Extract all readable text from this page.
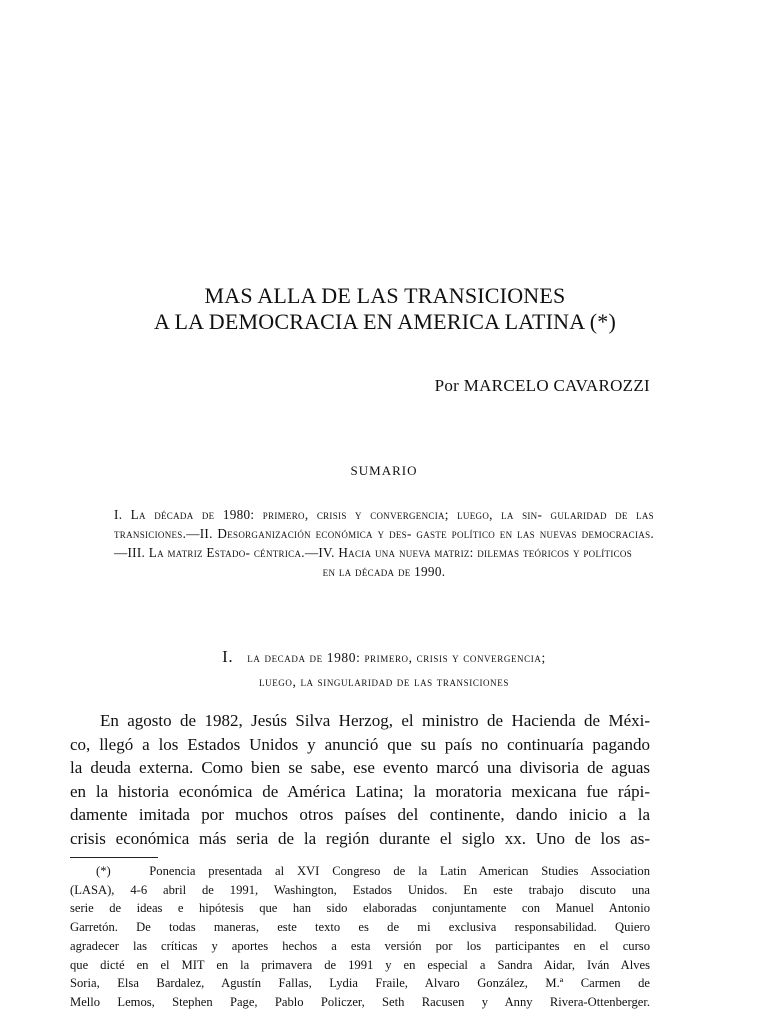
MAS ALLA DE LAS TRANSICIONES
A LA DEMOCRACIA EN AMERICA LATINA (*)
Por MARCELO CAVAROZZI
SUMARIO
I. La década de 1980: primero, crisis y convergencia; luego, la sin- gularidad de las transiciones.—II. Desorganización económica y des- gaste político en las nuevas democracias.—III. La matriz Estado- céntrica.—IV. Hacia una nueva matriz: dilemas teóricos y políticos
en la década de 1990.
I. la decada de 1980: primero, crisis y convergencia;
luego, la singularidad de las transiciones
En agosto de 1982, Jesús Silva Herzog, el ministro de Hacienda de Méxi-
co, llegó a los Estados Unidos y anunció que su país no continuaría pagando
la deuda externa. Como bien se sabe, ese evento marcó una divisoria de aguas
en la historia económica de América Latina; la moratoria mexicana fue rápi-
damente imitada por muchos otros países del continente, dando inicio a la
crisis económica más seria de la región durante el siglo xx. Uno de los as-
(*)	Ponencia presentada al XVI Congreso de la Latin American Studies Association
(LASA), 4-6 abril de 1991, Washington, Estados Unidos. En este trabajo discuto una
serie de ideas e hipótesis que han sido elaboradas conjuntamente con Manuel Antonio
Garretón. De todas maneras, este texto es de mi exclusiva responsabilidad. Quiero
agradecer las críticas y aportes hechos a esta versión por los participantes en el curso
que dicté en el MIT en la primavera de 1991 y en especial a Sandra Aidar, Iván Alves
Soria, Elsa Bardalez, Agustín Fallas, Lydia Fraile, Alvaro González, M.ª Carmen de
Mello Lemos, Stephen Page, Pablo Policzer, Seth Racusen y Anny Rivera-Ottenberger.
